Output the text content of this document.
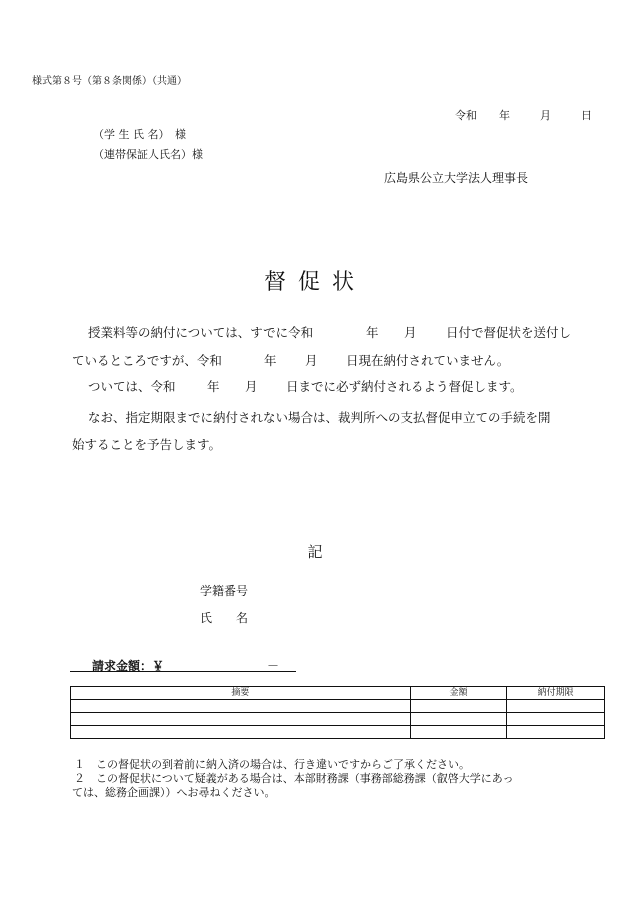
様式第８号（第８条関係）（共通）
令和 年	月	日
（学 生 氏 名）　様
（連帯保証人氏名）様
広島県公立大学法人理事長
督促状
授業料等の納付については、すでに令和	年 月 日付で督促状を送付し
ているところですが、令和	年 月 日現在納付されていません。
ついては、令和	年 月 日までに必ず納付されるよう督促します。
なお、指定期限までに納付されない場合は、裁判所への支払督促申立ての手続を開
始することを予告します。
記
学籍番号
氏　　名
請求金額：￥	－
摘要	金額	納付期限

１　この督促状の到着前に納入済の場合は、行き違いですからご了承ください。
２　この督促状について疑義がある場合は、本部財務課（事務部総務課（叡啓大学にあっ
ては、総務企画課））へお尋ねください。
